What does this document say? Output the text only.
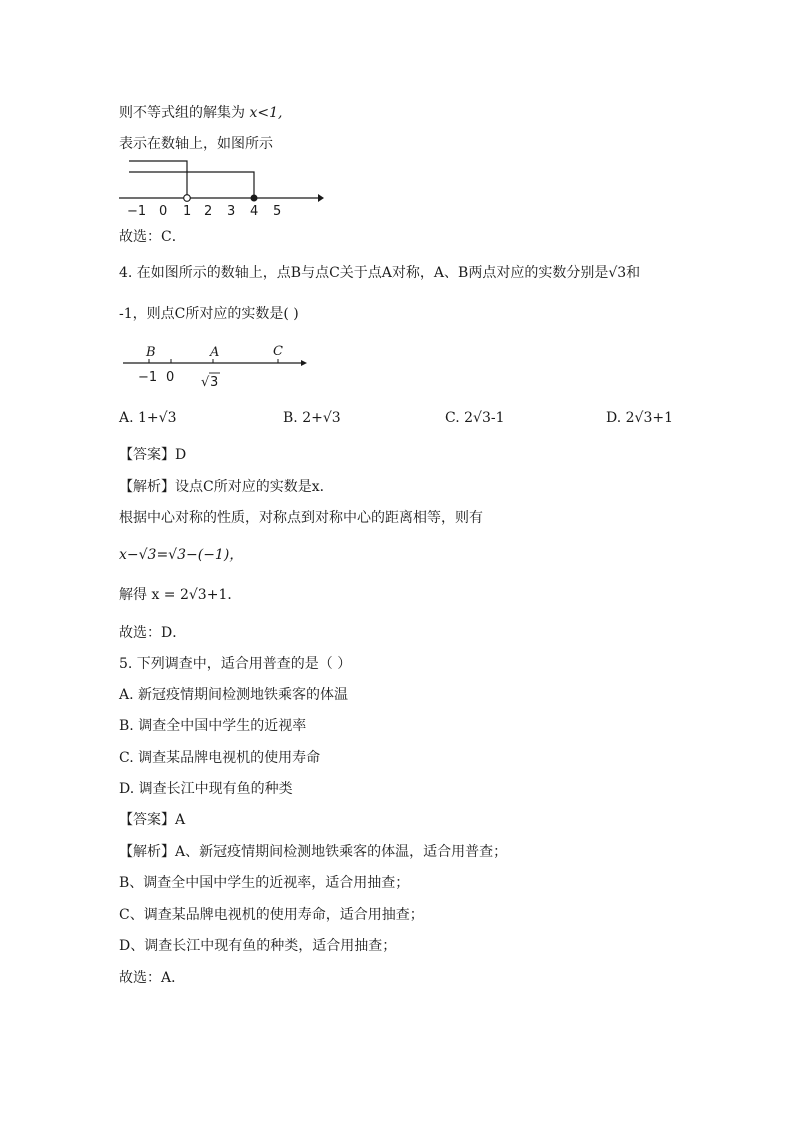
则不等式组的解集为 x<1,
表示在数轴上，如图所示
−1 0 1 2 3 4 5
故选：C．
4. 在如图所示的数轴上，点B与点C关于点A对称，A、B两点对应的实数分别是√3和
-1，则点C所对应的实数是( )
B	A	C
−1 0 √ 3
A. 1+√3	B. 2+√3	C. 2√3-1	D. 2√3+1
【答案】D
【解析】设点C所对应的实数是x．
根据中心对称的性质，对称点到对称中心的距离相等，则有
x−√3=√3−(−1)，
解得 x = 2√3+1．
故选：D．
5. 下列调查中，适合用普查的是（ ）
A. 新冠疫情期间检测地铁乘客的体温
B. 调查全中国中学生的近视率
C. 调查某品牌电视机的使用寿命
D. 调查长江中现有鱼的种类
【答案】A
【解析】A、新冠疫情期间检测地铁乘客的体温，适合用普查；
B、调查全中国中学生的近视率，适合用抽查；
C、调查某品牌电视机的使用寿命，适合用抽查；
D、调查长江中现有鱼的种类，适合用抽查；
故选：A．
